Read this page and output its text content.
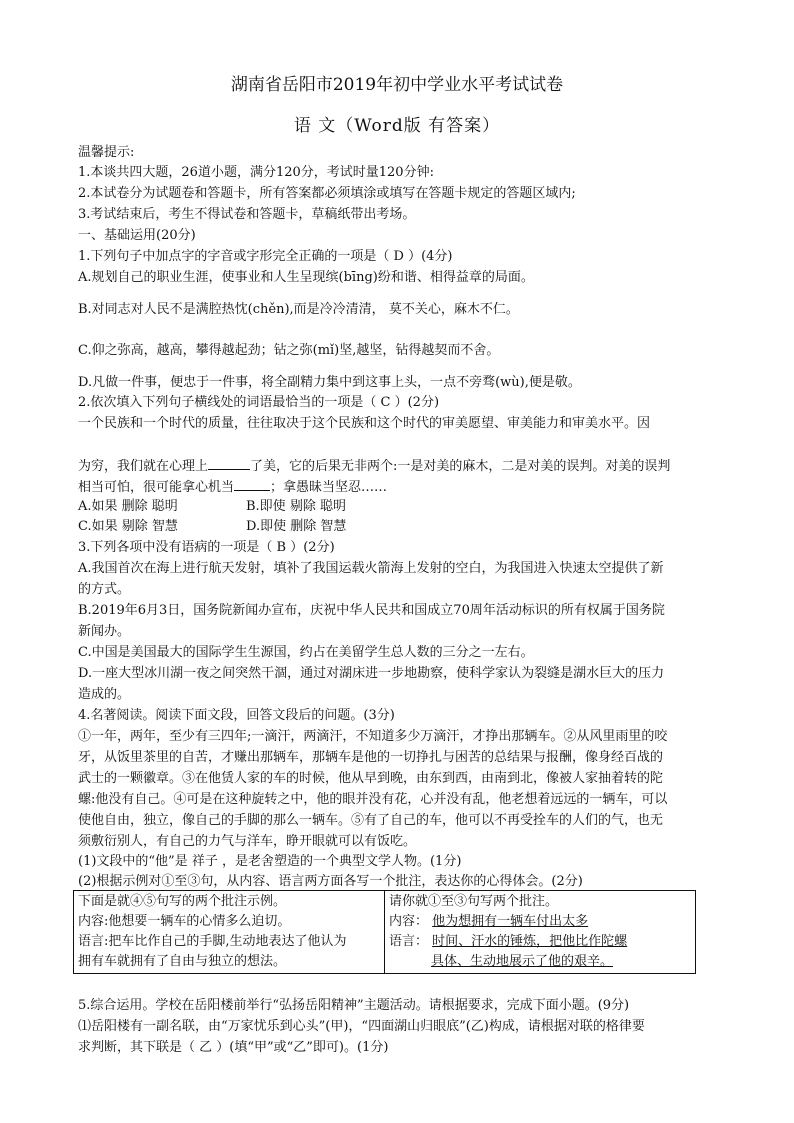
湖南省岳阳市2019年初中学业水平考试试卷
语 文（Word版 有答案）
温馨提示:
1.本谈共四大题，26道小题，满分120分，考试时量120分钟:
2.本试卷分为试题卷和答题卡，所有答案都必须填涂或填写在答题卡规定的答题区域内;
3.考试结束后，考生不得试卷和答题卡，草稿纸带出考场。
一、基础运用(20分)
1.下列句子中加点字的字音或字形完全正确的一项是（ D ）(4分)
A.规划自己的职业生涯，使事业和人生呈现缤(bīng)纷和谐、相得益章的局面。
B.对同志对人民不是满腔热忱(chěn),而是冷冷清清， 莫不关心，麻木不仁。
C.仰之弥高，越高，攀得越起劲；钻之弥(mǐ)坚,越坚，钻得越契而不舍。
D.凡做一件事，便忠于一件事，将全副精力集中到这事上头，一点不旁骛(wù),便是敬。
2.依次填入下列句子横线处的词语最恰当的一项是（ C ）(2分)
一个民族和一个时代的质量，往往取决于这个民族和这个时代的审美愿望、审美能力和审美水平。因
为穷，我们就在心理上	了美，它的后果无非两个:一是对美的麻木，二是对美的误判。对美的误判
相当可怕，很可能拿心机当	；拿愚昧当坚忍……
A.如果 删除 聪明	B.即使 剔除 聪明
C.如果 剔除 智慧	D.即使 删除 智慧
3.下列各项中没有语病的一项是（ B ）(2分)
A.我国首次在海上进行航天发射，填补了我国运载火箭海上发射的空白，为我国进入快速太空提供了新
的方式。
B.2019年6月3日，国务院新闻办宣布，庆祝中华人民共和国成立70周年活动标识的所有权属于国务院
新闻办。
C.中国是美国最大的国际学生生源国，约占在美留学生总人数的三分之一左右。
D.一座大型冰川湖一夜之间突然干涸，通过对湖床进一步地勘察，使科学家认为裂缝是湖水巨大的压力
造成的。
4.名著阅读。阅读下面文段，回答文段后的问题。(3分)
①一年，两年，至少有三四年;一滴汗，两滴汗，不知道多少万滴汗，才挣出那辆车。②从风里雨里的咬
牙，从饭里茶里的自苦，才赚出那辆车，那辆车是他的一切挣扎与困苦的总结果与报酬，像身经百战的
武士的一颗徽章。③在他赁人家的车的时候，他从早到晚，由东到西，由南到北，像被人家抽着转的陀
螺:他没有自己。④可是在这种旋转之中，他的眼并没有花，心并没有乱，他老想着远远的一辆车，可以
使他自由，独立，像自己的手脚的那么一辆车。⑤有了自己的车，他可以不再受拴车的人们的气，也无
须敷衍别人，有自己的力气与洋车，睁开眼就可以有饭吃。
(1)文段中的“他”是 祥子 ，是老舍塑造的一个典型文学人物。(1分)
(2)根据示例对①至③句，从内容、语言两方面各写一个批注，表达你的心得体会。(2分)
下面是就④⑤句写的两个批注示例。
内容:他想要一辆车的心情多么迫切。
语言:把车比作自己的手脚,生动地表达了他认为
拥有车就拥有了自由与独立的想法。

请你就①至③句写两个批注。
内容： 他为想拥有一辆车付出太多
语言： 时间、汗水的锤炼，把他比作陀螺
具体、生动地展示了他的艰辛。
5.综合运用。学校在岳阳楼前举行“弘扬岳阳精神”主题活动。请根据要求，完成下面小题。(9分)
⑴岳阳楼有一副名联，由“万家忧乐到心头”(甲)，“四面湖山归眼底”(乙)构成，请根据对联的格律要
求判断，其下联是（ 乙 ）(填“甲”或“乙”即可)。(1分)
